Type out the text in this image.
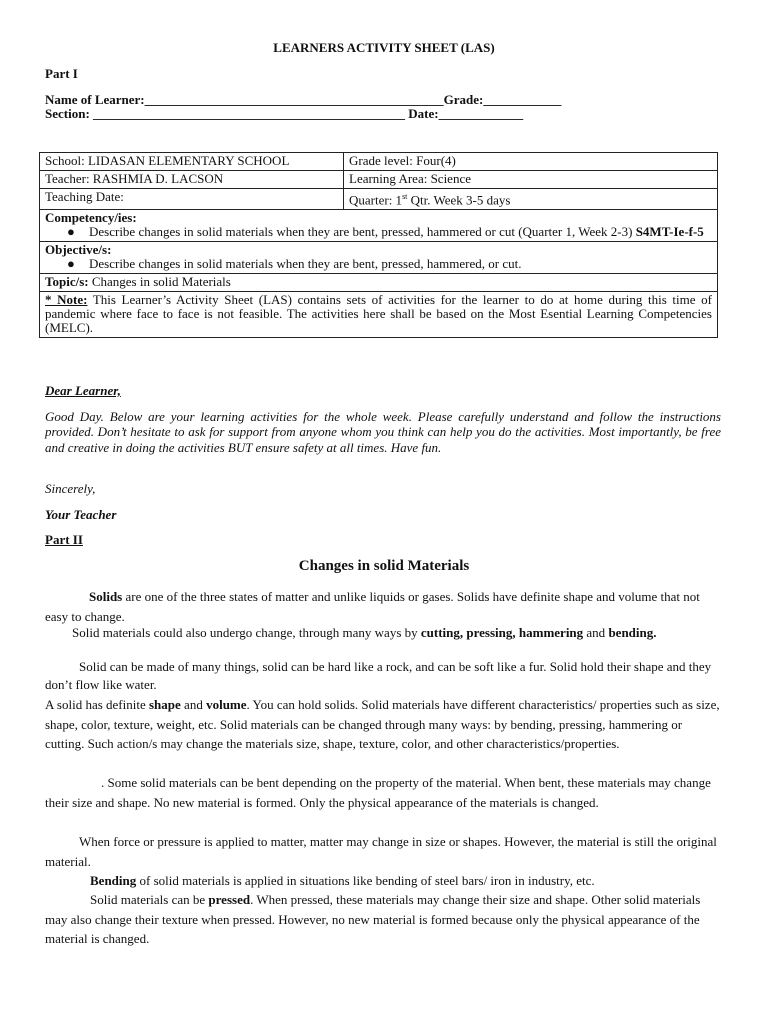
LEARNERS ACTIVITY SHEET (LAS)
Part I
Name of Learner:______________________________________________Grade:____________
Section: ________________________________________________ Date:_____________
School: LIDASAN ELEMENTARY SCHOOL	Grade level: Four(4)
Teacher: RASHMIA D. LACSON	Learning Area: Science
Teaching Date:	Quarter: 1st Qtr. Week 3-5 days

Competency/ies:
● Describe changes in solid materials when they are bent, pressed, hammered or cut (Quarter 1, Week 2-3) S4MT-Ie-f-5	

Objective/s:
● Describe changes in solid materials when they are bent, pressed, hammered, or cut.	

Topic/s: Changes in solid Materials	
* Note: This Learner’s Activity Sheet (LAS) contains sets of activities for the learner to do at home during this time of pandemic where face to face is not feasible. The activities here shall be based on the Most Esential Learning Competencies (MELC).	
Dear Learner,
Good Day. Below are your learning activities for the whole week. Please carefully understand and follow the instructions provided. Don’t hesitate to ask for support from anyone whom you think can help you do the activities. Most importantly, be free and creative in doing the activities BUT ensure safety at all times. Have fun.
Sincerely,
Your Teacher
Part II
Changes in solid Materials
Solids are one of the three states of matter and unlike liquids or gases. Solids have definite shape and volume that not easy to change.
Solid materials could also undergo change, through many ways by cutting, pressing, hammering and bending.
Solid can be made of many things, solid can be hard like a rock, and can be soft like a fur. Solid hold their shape and they don’t flow like water.
A solid has definite shape and volume. You can hold solids. Solid materials have different characteristics/ properties such as size, shape, color, texture, weight, etc. Solid materials can be changed through many ways: by bending, pressing, hammering or cutting. Such action/s may change the materials size, shape, texture, color, and other characteristics/properties.
. Some solid materials can be bent depending on the property of the material. When bent, these materials may change their size and shape. No new material is formed. Only the physical appearance of the materials is changed.
When force or pressure is applied to matter, matter may change in size or shapes. However, the material is still the original material.
Bending of solid materials is applied in situations like bending of steel bars/ iron in industry, etc.
Solid materials can be pressed. When pressed, these materials may change their size and shape. Other solid materials may also change their texture when pressed. However, no new material is formed because only the physical appearance of the material is changed.
